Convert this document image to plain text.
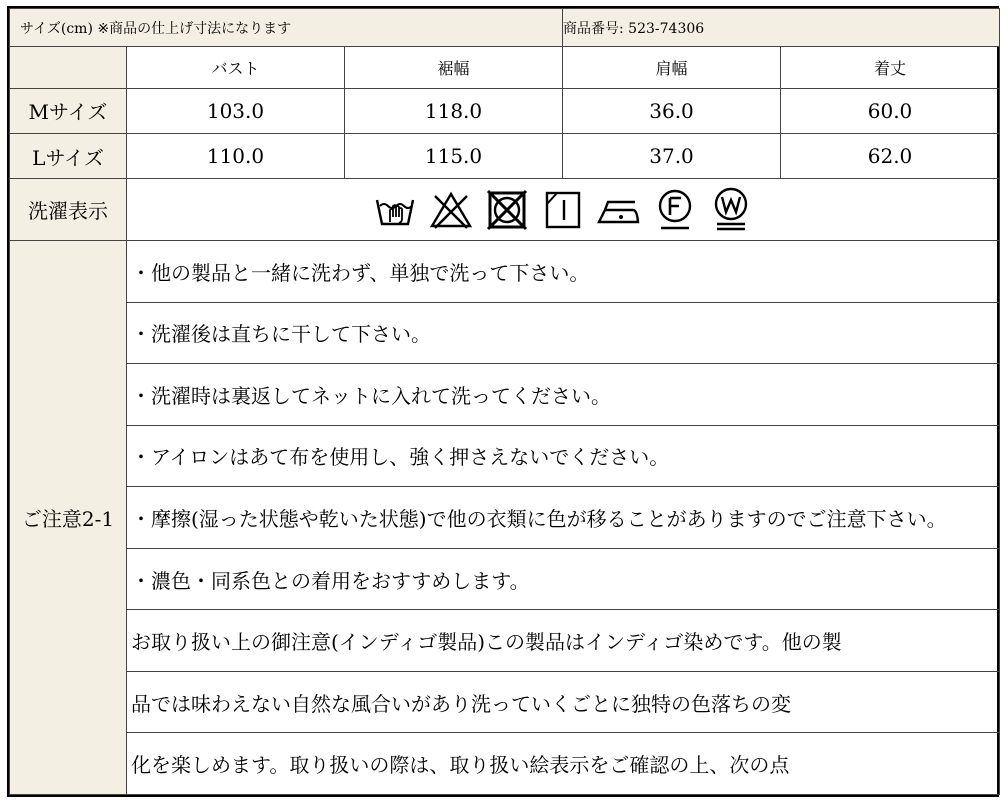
サイズ(cm) ※商品の仕上げ寸法になります			商品番号: 523-74306	
	バスト	裾幅	肩幅	着丈
Mサイズ	103.0	118.0	36.0	60.0
Lサイズ	110.0	115.0	37.0	62.0
洗濯表示	

ご注意2-1	・他の製品と一緒に洗わず、単独で洗って下さい。			
	・洗濯後は直ちに干して下さい。			
	・洗濯時は裏返してネットに入れて洗ってください。			
	・アイロンはあて布を使用し、強く押さえないでください。			
	・摩擦(湿った状態や乾いた状態)で他の衣類に色が移ることがありますのでご注意下さい。			
	・濃色・同系色との着用をおすすめします。			
	お取り扱い上の御注意(インディゴ製品)この製品はインディゴ染めです。他の製			
	品では味わえない自然な風合いがあり洗っていくごとに独特の色落ちの変			
	化を楽しめます。取り扱いの際は、取り扱い絵表示をご確認の上、次の点			
